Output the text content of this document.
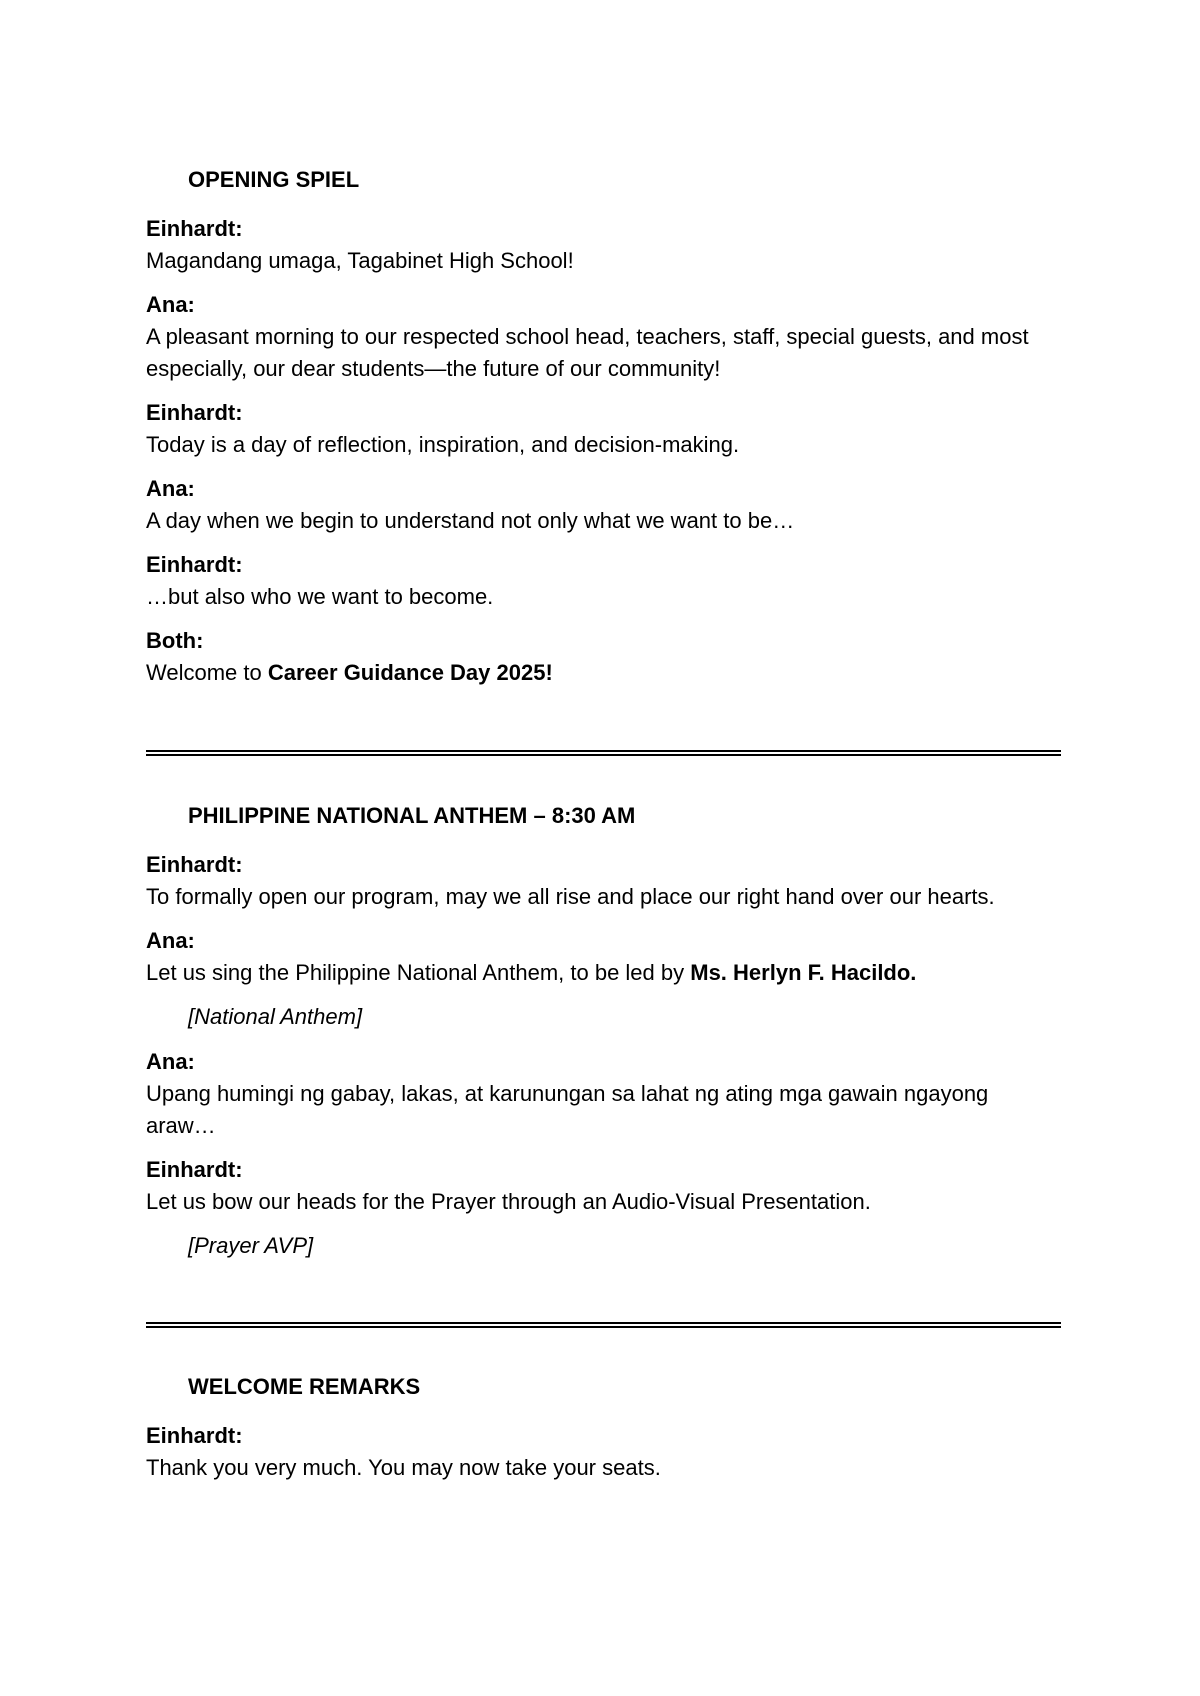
OPENING SPIEL
Einhardt:
Magandang umaga, Tagabinet High School!
Ana:
A pleasant morning to our respected school head, teachers, staff, special guests, and most especially, our dear students—the future of our community!
Einhardt:
Today is a day of reflection, inspiration, and decision-making.
Ana:
A day when we begin to understand not only what we want to be…
Einhardt:
…but also who we want to become.
Both:
Welcome to Career Guidance Day 2025!
PHILIPPINE NATIONAL ANTHEM – 8:30 AM
Einhardt:
To formally open our program, may we all rise and place our right hand over our hearts.
Ana:
Let us sing the Philippine National Anthem, to be led by Ms. Herlyn F. Hacildo.
[National Anthem]
Ana:
Upang humingi ng gabay, lakas, at karunungan sa lahat ng ating mga gawain ngayong araw…
Einhardt:
Let us bow our heads for the Prayer through an Audio-Visual Presentation.
[Prayer AVP]
WELCOME REMARKS
Einhardt:
Thank you very much. You may now take your seats.
